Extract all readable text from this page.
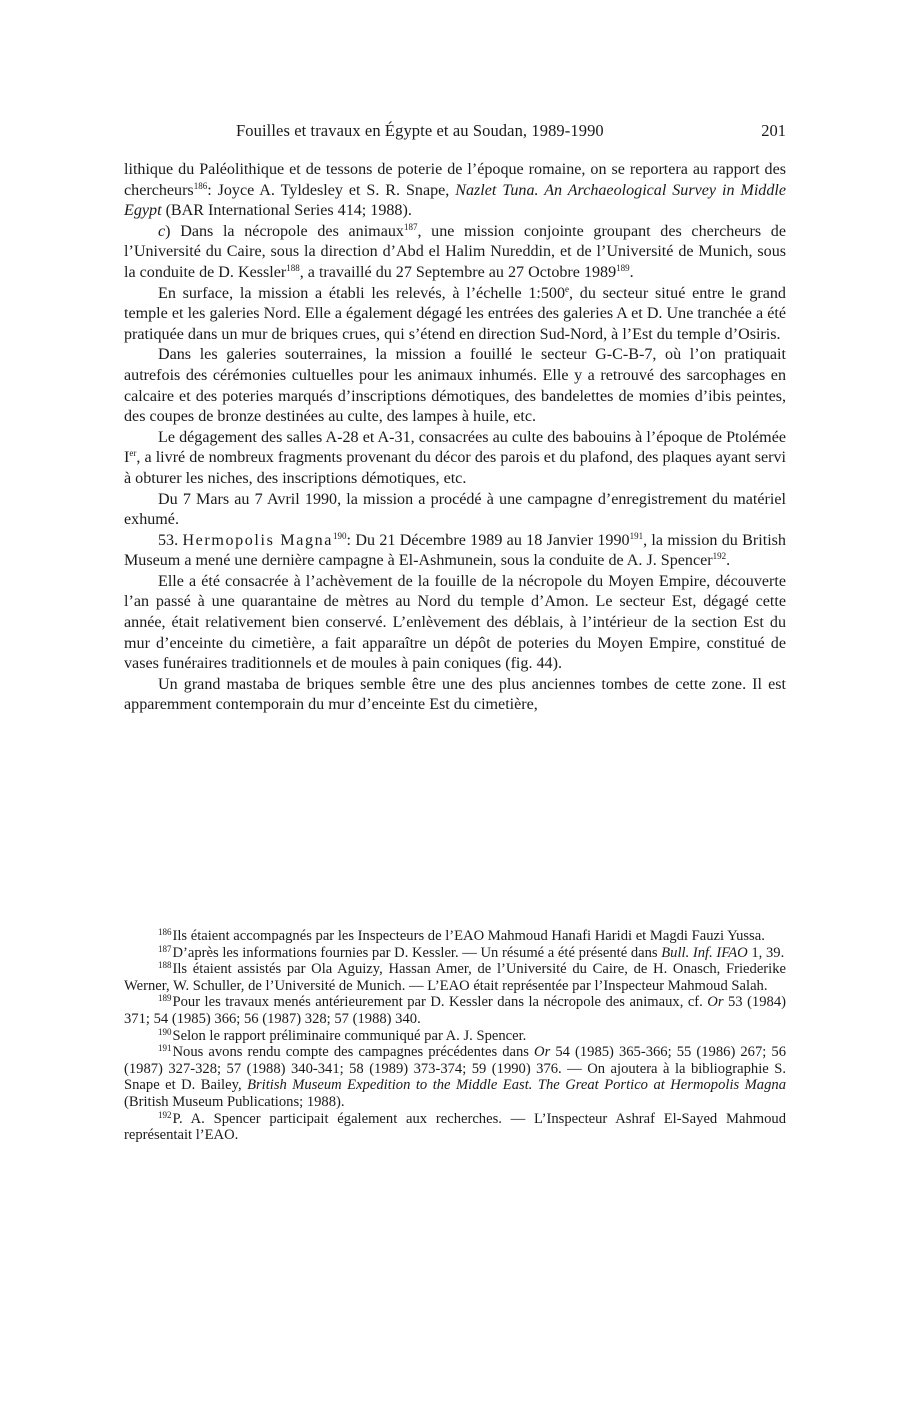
Fouilles et travaux en Égypte et au Soudan, 1989-1990	201

lithique du Paléolithique et de tessons de poterie de l’époque romaine, on se reportera au rapport des chercheurs$^{186}$: Joyce A. Tyldesley et S. R. Snape, Nazlet Tuna. An Archaeological Survey in Middle Egypt (BAR International Series 414; 1988).

c) Dans la nécropole des animaux$^{187}$, une mission conjointe groupant des chercheurs de l’Université du Caire, sous la direction d’Abd el Halim Nureddin, et de l’Université de Munich, sous la conduite de D. Kessler$^{188}$, a travaillé du 27 Septembre au 27 Octobre 1989$^{189}$.

En surface, la mission a établi les relevés, à l’échelle 1:500e, du secteur situé entre le grand temple et les galeries Nord. Elle a également dégagé les entrées des galeries A et D. Une tranchée a été pratiquée dans un mur de briques crues, qui s’étend en direction Sud-Nord, à l’Est du temple d’Osiris.

Dans les galeries souterraines, la mission a fouillé le secteur G-C-B-7, où l’on pratiquait autrefois des cérémonies cultuelles pour les animaux inhumés. Elle y a retrouvé des sarcophages en calcaire et des poteries marqués d’inscriptions démotiques, des bandelettes de momies d’ibis peintes, des coupes de bronze destinées au culte, des lampes à huile, etc.

Le dégagement des salles A-28 et A-31, consacrées au culte des babouins à l’époque de Ptolémée Ier, a livré de nombreux fragments provenant du décor des parois et du plafond, des plaques ayant servi à obturer les niches, des inscriptions démotiques, etc.

Du 7 Mars au 7 Avril 1990, la mission a procédé à une campagne d’enregistrement du matériel exhumé.

53. Hermopolis Magna$^{190}$: Du 21 Décembre 1989 au 18 Janvier 1990$^{191}$, la mission du British Museum a mené une dernière campagne à El-Ashmunein, sous la conduite de A. J. Spencer$^{192}$.

Elle a été consacrée à l’achèvement de la fouille de la nécropole du Moyen Empire, découverte l’an passé à une quarantaine de mètres au Nord du temple d’Amon. Le secteur Est, dégagé cette année, était relativement bien conservé. L’enlèvement des déblais, à l’intérieur de la section Est du mur d’enceinte du cimetière, a fait apparaître un dépôt de poteries du Moyen Empire, constitué de vases funéraires traditionnels et de moules à pain coniques (fig. 44).

Un grand mastaba de briques semble être une des plus anciennes tombes de cette zone. Il est apparemment contemporain du mur d’enceinte Est du cimetière,

$^{186}$Ils étaient accompagnés par les Inspecteurs de l’EAO Mahmoud Hanafi Haridi et Magdi Fauzi Yussa.

$^{187}$D’après les informations fournies par D. Kessler. — Un résumé a été présenté dans Bull. Inf. IFAO 1, 39.

$^{188}$Ils étaient assistés par Ola Aguizy, Hassan Amer, de l’Université du Caire, de H. Onasch, Friederike Werner, W. Schuller, de l’Université de Munich. — L’EAO était représentée par l’Inspecteur Mahmoud Salah.

$^{189}$Pour les travaux menés antérieurement par D. Kessler dans la nécropole des animaux, cf. Or 53 (1984) 371; 54 (1985) 366; 56 (1987) 328; 57 (1988) 340.

$^{190}$Selon le rapport préliminaire communiqué par A. J. Spencer.

$^{191}$Nous avons rendu compte des campagnes précédentes dans Or 54 (1985) 365-366; 55 (1986) 267; 56 (1987) 327-328; 57 (1988) 340-341; 58 (1989) 373-374; 59 (1990) 376. — On ajoutera à la bibliographie S. Snape et D. Bailey, British Museum Expedition to the Middle East. The Great Portico at Hermopolis Magna (British Museum Publications; 1988).

$^{192}$P. A. Spencer participait également aux recherches. — L’Inspecteur Ashraf El-Sayed Mahmoud représentait l’EAO.
